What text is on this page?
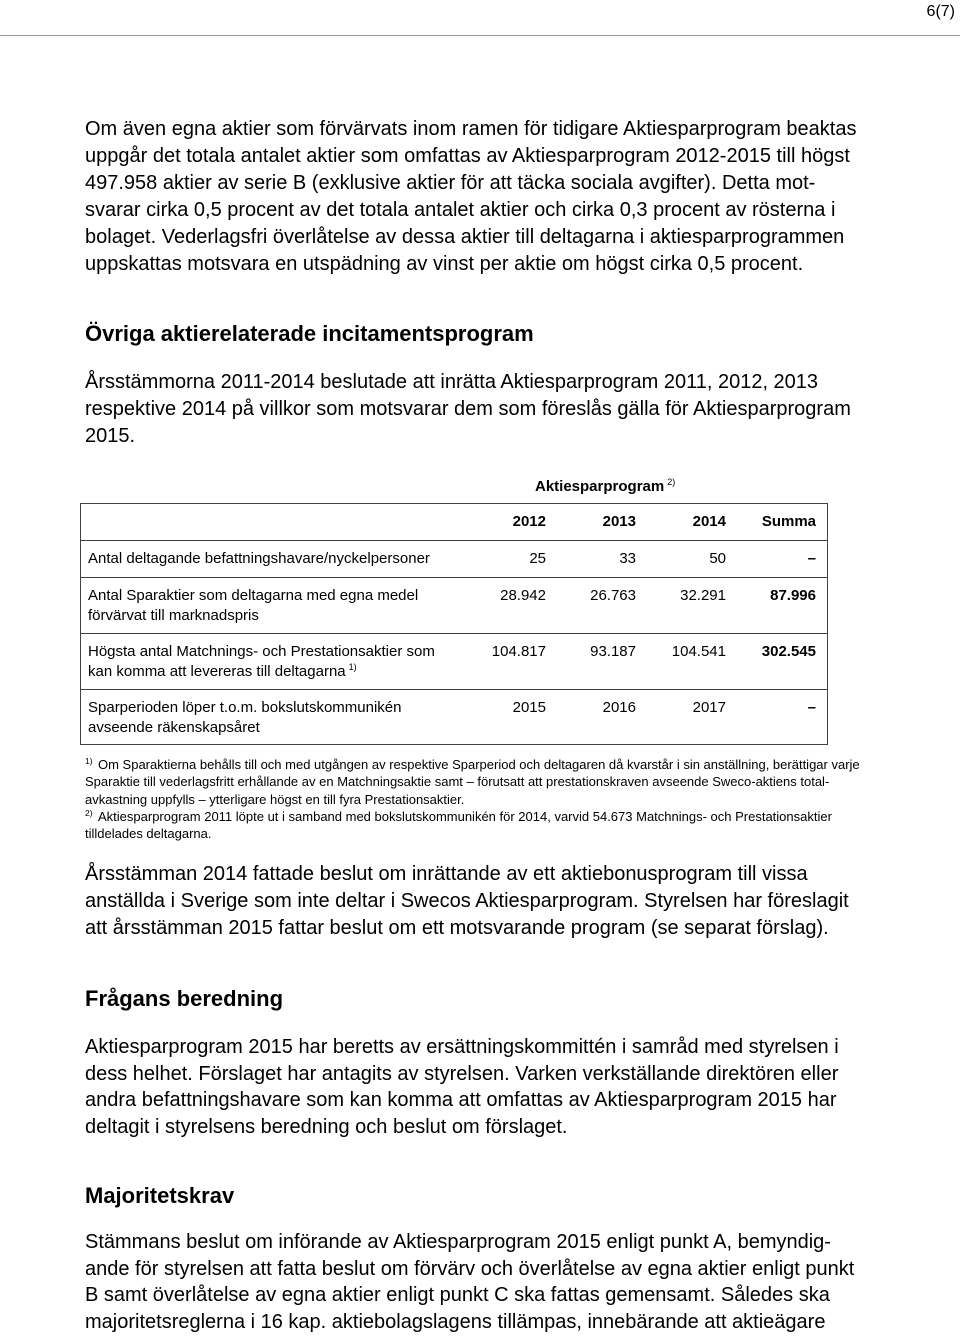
6(7)
Om även egna aktier som förvärvats inom ramen för tidigare Aktiesparprogram beaktas
uppgår det totala antalet aktier som omfattas av Aktiesparprogram 2012-2015 till högst
497.958 aktier av serie B (exklusive aktier för att täcka sociala avgifter). Detta mot-
svarar cirka 0,5 procent av det totala antalet aktier och cirka 0,3 procent av rösterna i
bolaget. Vederlagsfri överlåtelse av dessa aktier till deltagarna i aktiesparprogrammen
uppskattas motsvara en utspädning av vinst per aktie om högst cirka 0,5 procent.
Övriga aktierelaterade incitamentsprogram
Årsstämmorna 2011-2014 beslutade att inrätta Aktiesparprogram 2011, 2012, 2013
respektive 2014 på villkor som motsvarar dem som föreslås gälla för Aktiesparprogram
2015.
Aktiesparprogram $^{2)}$
2012	2013	2014	Summa
Antal deltagande befattningshavare/nyckelpersoner	25	33	50	–
Antal Sparaktier som deltagarna med egna medel
förvärvat till marknadspris
28.942	26.763	32.291	87.996
Högsta antal Matchnings- och Prestationsaktier som
kan komma att levereras till deltagarna $^{1)}$
104.817	93.187	104.541	302.545
Sparperioden löper t.o.m. bokslutskommunikén
avseende räkenskapsåret
2015	2016	2017	–
1) Om Sparaktierna behålls till och med utgången av respektive Sparperiod och deltagaren då kvarstår i sin anställning, berättigar varje
Sparaktie till vederlagsfritt erhållande av en Matchningsaktie samt – förutsatt att prestationskraven avseende Sweco-aktiens total-
avkastning uppfylls – ytterligare högst en till fyra Prestationsaktier.
2) Aktiesparprogram 2011 löpte ut i samband med bokslutskommunikén för 2014, varvid 54.673 Matchnings- och Prestationsaktier
tilldelades deltagarna.
Årsstämman 2014 fattade beslut om inrättande av ett aktiebonusprogram till vissa
anställda i Sverige som inte deltar i Swecos Aktiesparprogram. Styrelsen har föreslagit
att årsstämman 2015 fattar beslut om ett motsvarande program (se separat förslag).
Frågans beredning
Aktiesparprogram 2015 har beretts av ersättningskommittén i samråd med styrelsen i
dess helhet. Förslaget har antagits av styrelsen. Varken verkställande direktören eller
andra befattningshavare som kan komma att omfattas av Aktiesparprogram 2015 har
deltagit i styrelsens beredning och beslut om förslaget.
Majoritetskrav
Stämmans beslut om införande av Aktiesparprogram 2015 enligt punkt A, bemyndig-
ande för styrelsen att fatta beslut om förvärv och överlåtelse av egna aktier enligt punkt
B samt överlåtelse av egna aktier enligt punkt C ska fattas gemensamt. Således ska
majoritetsreglerna i 16 kap. aktiebolagslagens tillämpas, innebärande att aktieägare
